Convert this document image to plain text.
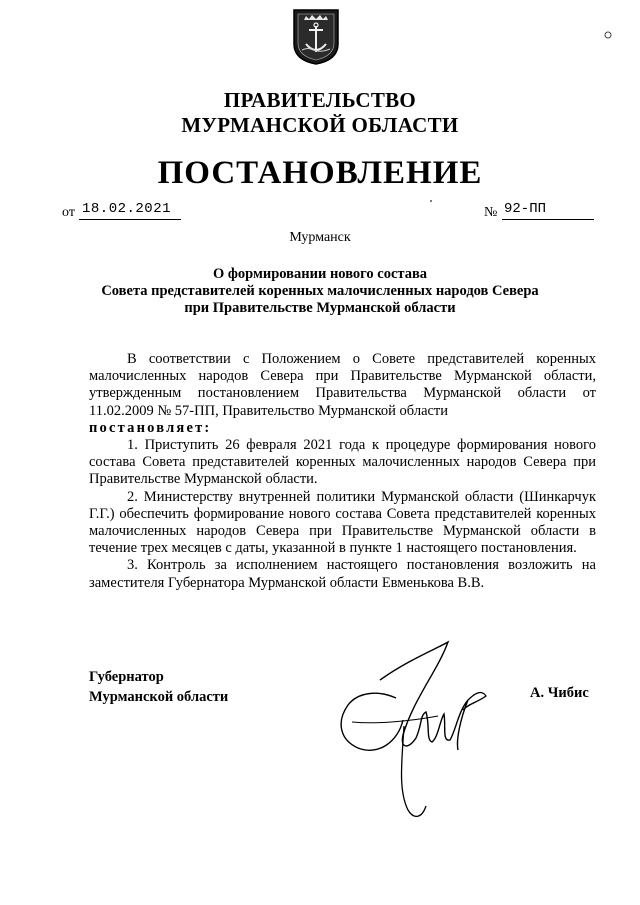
ПРАВИТЕЛЬСТВО
МУРМАНСКОЙ ОБЛАСТИ
ПОСТАНОВЛЕНИЕ
от 18.02.2021	№ 92-ПП
Мурманск
О формировании нового состава
Совета представителей коренных малочисленных народов Севера
при Правительстве Мурманской области

В соответствии с Положением о Совете представителей коренных малочисленных народов Севера при Правительстве Мурманской области, утвержденным постановлением Правительства Мурманской области от 11.02.2009 № 57-ПП, Правительство Мурманской области

постановляет:

1. Приступить 26 февраля 2021 года к процедуре формирования нового состава Совета представителей коренных малочисленных народов Севера при Правительстве Мурманской области.

2. Министерству внутренней политики Мурманской области (Шинкарчук Г.Г.) обеспечить формирование нового состава Совета представителей коренных малочисленных народов Севера при Правительстве Мурманской области в течение трех месяцев с даты, указанной в пункте 1 настоящего постановления.

3. Контроль за исполнением настоящего постановления возложить на заместителя Губернатора Мурманской области Евменькова В.В.

Губернатор
Мурманской области	А. Чибис
